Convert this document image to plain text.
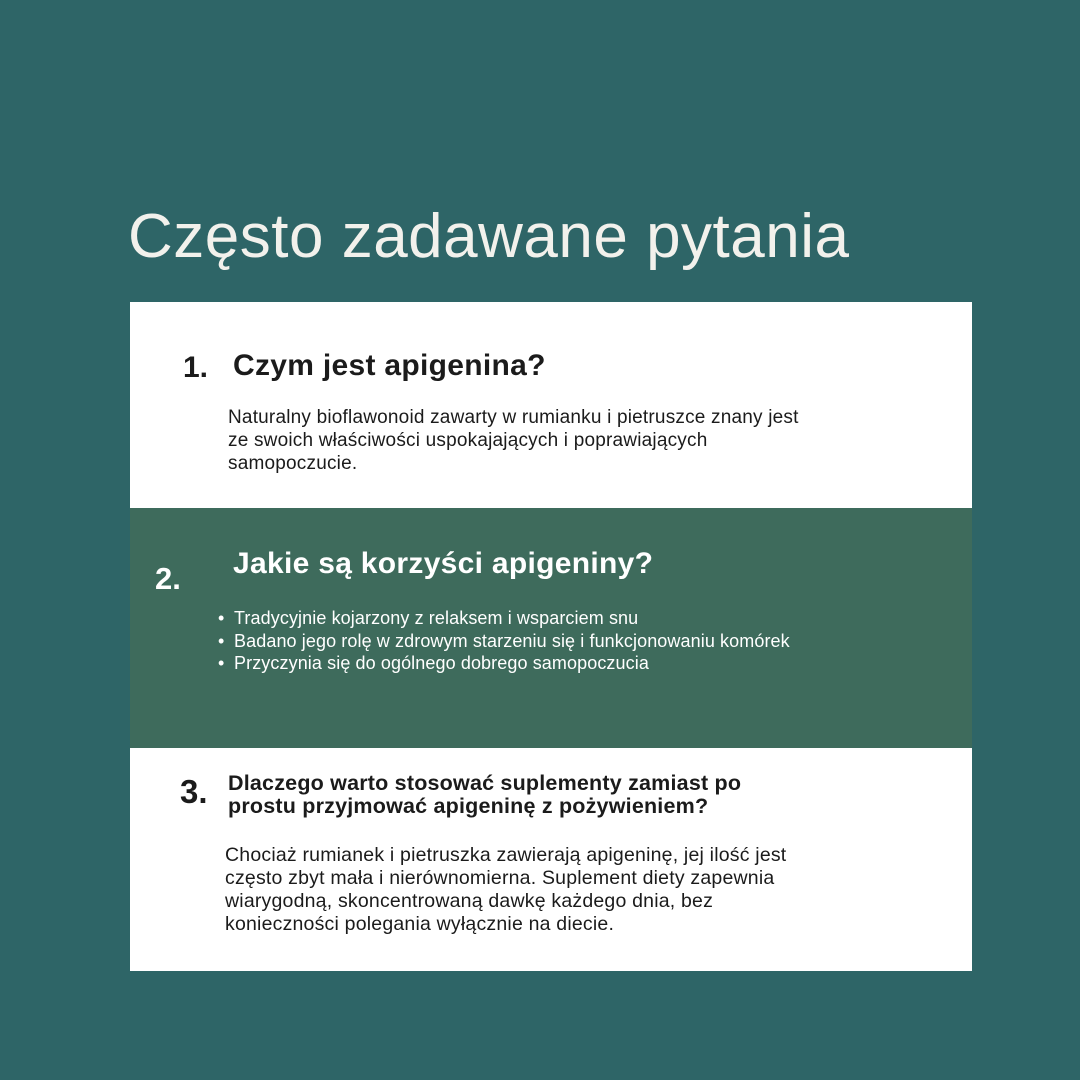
Często zadawane pytania
1. Czym jest apigenina?
Naturalny bioflawonoid zawarty w rumianku i pietruszce znany jest
ze swoich właściwości uspokajających i poprawiających
samopoczucie.
2. Jakie są korzyści apigeniny?
• Tradycyjnie kojarzony z relaksem i wsparciem snu
• Badano jego rolę w zdrowym starzeniu się i funkcjonowaniu komórek
• Przyczynia się do ogólnego dobrego samopoczucia
3. Dlaczego warto stosować suplementy zamiast po
prostu przyjmować apigeninę z pożywieniem?
Chociaż rumianek i pietruszka zawierają apigeninę, jej ilość jest
często zbyt mała i nierównomierna. Suplement diety zapewnia
wiarygodną, skoncentrowaną dawkę każdego dnia, bez
konieczności polegania wyłącznie na diecie.
